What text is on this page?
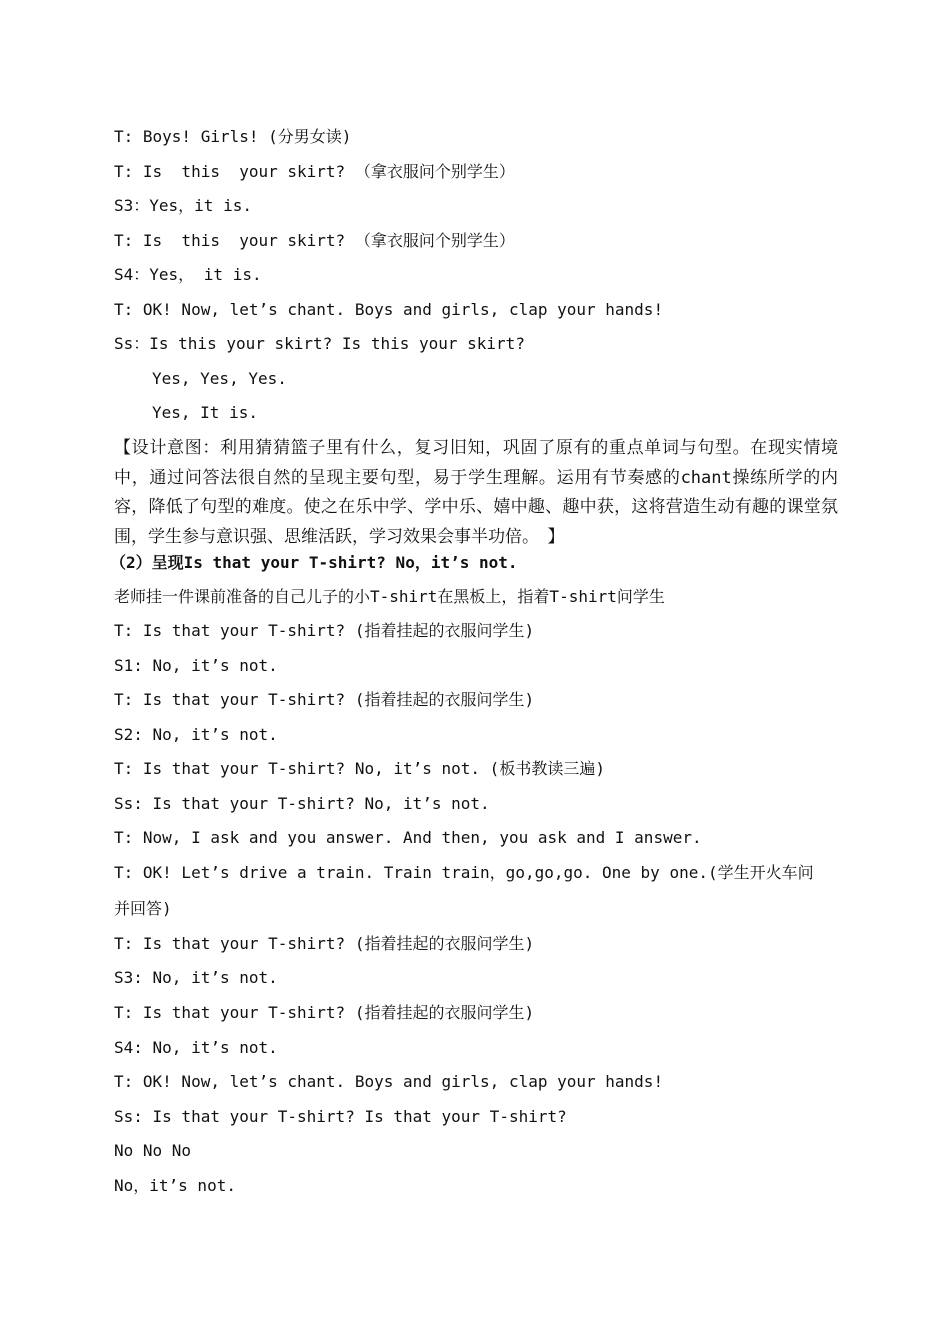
T: Boys! Girls! (分男女读)

T: Is  this  your skirt? （拿衣服问个别学生）

S3：Yes，it is.

T: Is  this  your skirt? （拿衣服问个别学生）

S4：Yes， it is.

T: OK! Now, let’s chant. Boys and girls, clap your hands!

Ss：Is this your skirt? Is this your skirt?

Yes, Yes, Yes.

Yes, It is.

【设计意图：利用猜猜篮子里有什么，复习旧知，巩固了原有的重点单词与句型。在现实情境中，通过问答法很自然的呈现主要句型，易于学生理解。运用有节奏感的chant操练所学的内容，降低了句型的难度。使之在乐中学、学中乐、嬉中趣、趣中获，这将营造生动有趣的课堂氛围，学生参与意识强、思维活跃，学习效果会事半功倍。　】

（2）呈现Is that your T-shirt? No，it’s not.

老师挂一件课前准备的自己儿子的小T-shirt在黑板上，指着T-shirt问学生

T: Is that your T-shirt? (指着挂起的衣服问学生)

S1: No, it’s not.

T: Is that your T-shirt? (指着挂起的衣服问学生)

S2: No, it’s not.

T: Is that your T-shirt? No, it’s not. (板书教读三遍)

Ss: Is that your T-shirt? No, it’s not.

T: Now, I ask and you answer. And then, you ask and I answer.

T: OK! Let’s drive a train. Train train，go,go,go. One by one.(学生开火车问

并回答)

T: Is that your T-shirt? (指着挂起的衣服问学生)

S3: No, it’s not.

T: Is that your T-shirt? (指着挂起的衣服问学生)

S4: No, it’s not.

T: OK! Now, let’s chant. Boys and girls, clap your hands!

Ss: Is that your T-shirt? Is that your T-shirt?

No No No

No，it’s not.
